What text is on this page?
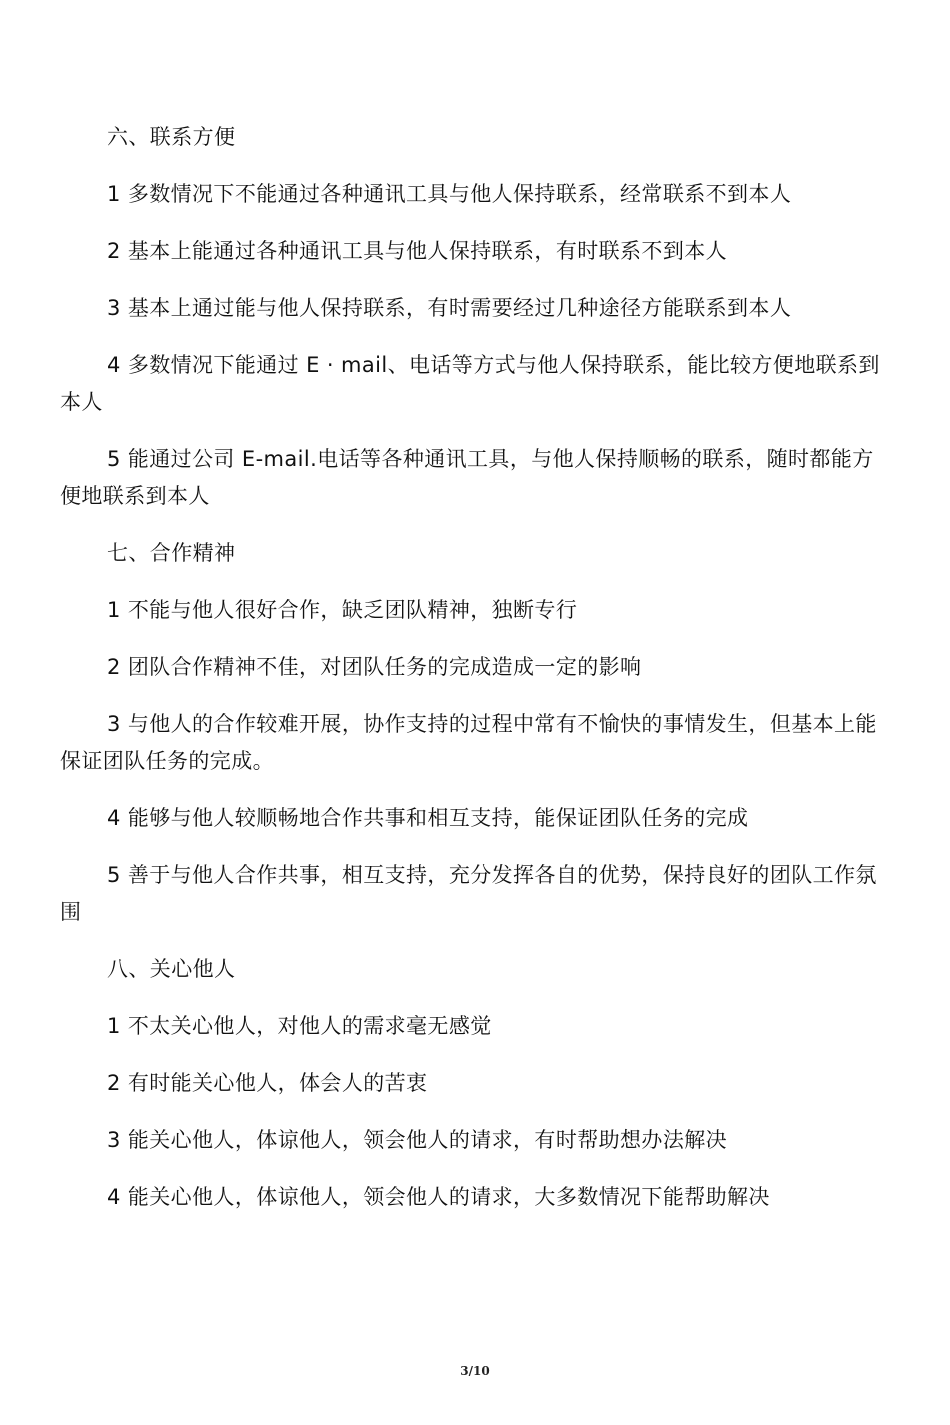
六、联系方便

1 多数情况下不能通过各种通讯工具与他人保持联系，经常联系不到本人

2 基本上能通过各种通讯工具与他人保持联系，有时联系不到本人

3 基本上通过能与他人保持联系，有时需要经过几种途径方能联系到本人

4 多数情况下能通过 E · mail、电话等方式与他人保持联系，能比较方便地联系到本人

5 能通过公司 E-mail.电话等各种通讯工具，与他人保持顺畅的联系，随时都能方便地联系到本人

七、合作精神

1 不能与他人很好合作，缺乏团队精神，独断专行

2 团队合作精神不佳，对团队任务的完成造成一定的影响

3 与他人的合作较难开展，协作支持的过程中常有不愉快的事情发生，但基本上能保证团队任务的完成。

4 能够与他人较顺畅地合作共事和相互支持，能保证团队任务的完成

5 善于与他人合作共事，相互支持，充分发挥各自的优势，保持良好的团队工作氛围

八、关心他人

1 不太关心他人，对他人的需求毫无感觉

2 有时能关心他人，体会人的苦衷

3 能关心他人，体谅他人，领会他人的请求，有时帮助想办法解决

4 能关心他人，体谅他人，领会他人的请求，大多数情况下能帮助解决

3/10
